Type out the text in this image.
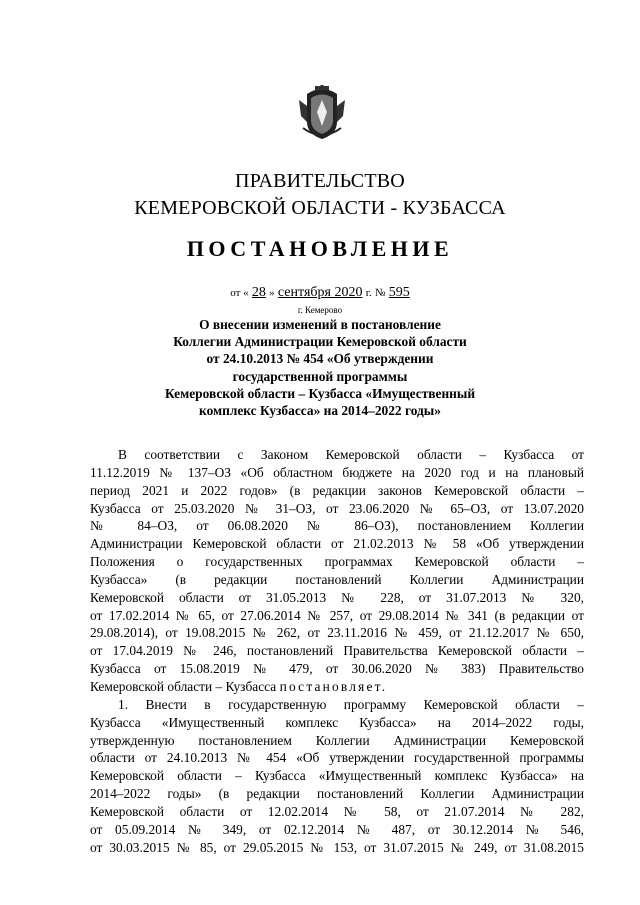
ПРАВИТЕЛЬСТВО
КЕМЕРОВСКОЙ ОБЛАСТИ - КУЗБАССА
ПОСТАНОВЛЕНИЕ
от « 28 » сентября 2020 г. № 595
г. Кемерово
О внесении изменений в постановление
Коллегии Администрации Кемеровской области
от 24.10.2013 № 454 «Об утверждении
государственной программы
Кемеровской области – Кузбасса «Имущественный
комплекс Кузбасса» на 2014–2022 годы»
В соответствии с Законом Кемеровской области – Кузбасса от
11.12.2019 № 137–ОЗ «Об областном бюджете на 2020 год и на плановый
период 2021 и 2022 годов» (в редакции законов Кемеровской области –
Кузбасса от 25.03.2020 № 31–ОЗ, от 23.06.2020 № 65–ОЗ, от 13.07.2020
№ 84–ОЗ, от 06.08.2020 № 86–ОЗ), постановлением Коллегии
Администрации Кемеровской области от 21.02.2013 № 58 «Об утверждении
Положения о государственных программах Кемеровской области –
Кузбасса» (в редакции постановлений Коллегии Администрации
Кемеровской области от 31.05.2013 № 228, от 31.07.2013 № 320,
от 17.02.2014 № 65, от 27.06.2014 № 257, от 29.08.2014 № 341 (в редакции от
29.08.2014), от 19.08.2015 № 262, от 23.11.2016 № 459, от 21.12.2017 № 650,
от 17.04.2019 № 246, постановлений Правительства Кемеровской области –
Кузбасса от 15.08.2019 № 479, от 30.06.2020 № 383) Правительство
Кемеровской области – Кузбасса постановляет.
1. Внести в государственную программу Кемеровской области –
Кузбасса «Имущественный комплекс Кузбасса» на 2014–2022 годы,
утвержденную постановлением Коллегии Администрации Кемеровской
области от 24.10.2013 № 454 «Об утверждении государственной программы
Кемеровской области – Кузбасса «Имущественный комплекс Кузбасса» на
2014–2022 годы» (в редакции постановлений Коллегии Администрации
Кемеровской области от 12.02.2014 № 58, от 21.07.2014 № 282,
от 05.09.2014 № 349, от 02.12.2014 № 487, от 30.12.2014 № 546,
от 30.03.2015 № 85, от 29.05.2015 № 153, от 31.07.2015 № 249, от 31.08.2015
